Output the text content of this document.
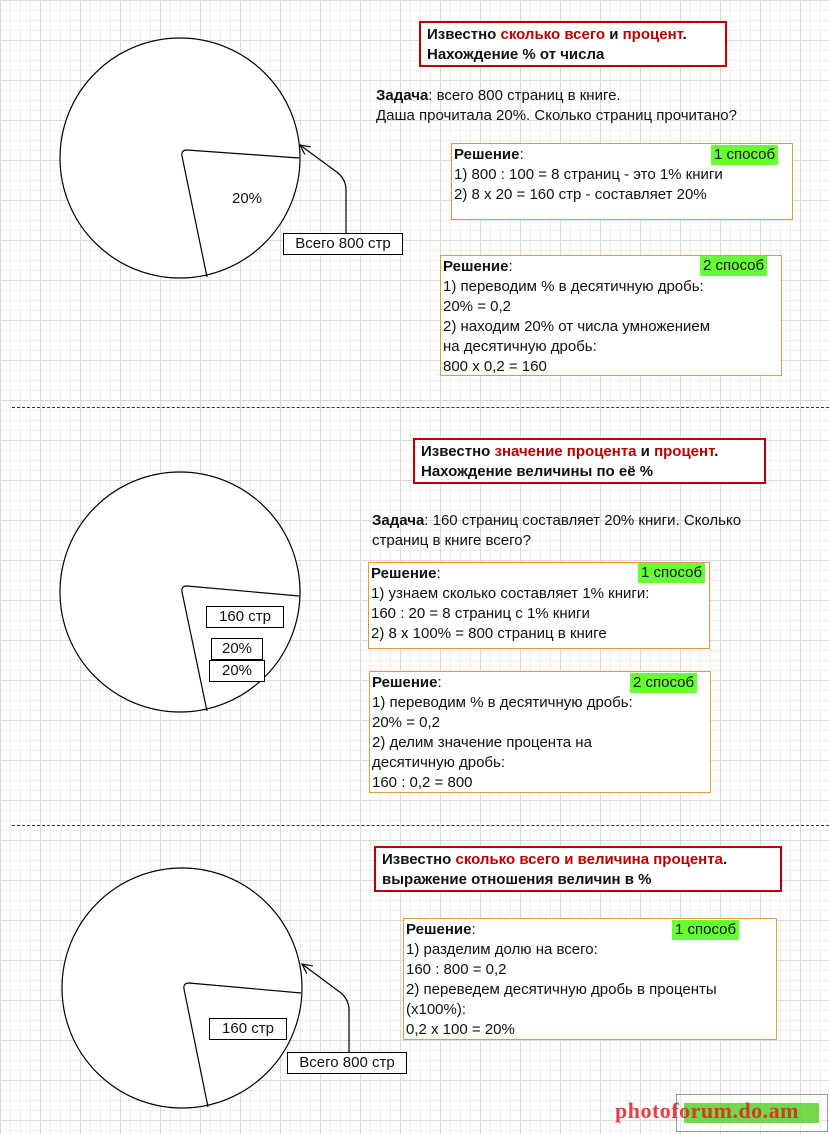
Известно сколько всего и процент.
Нахождение % от числа
Задача: всего 800 страниц в книге.
Даша прочитала 20%. Сколько страниц прочитано?
20%
Всего 800 стр
Решение:
1) 800 : 100 = 8 страниц - это 1% книги
2) 8 х 20 = 160 стр - составляет 20%
1 способ
Решение:
1) переводим % в десятичную дробь:
20% = 0,2
2) находим 20% от числа умножением
на десятичную дробь:
800 х 0,2 = 160
2 способ
Известно значение процента и процент.
Нахождение величины по её %
Задача: 160 страниц составляет 20% книги. Сколько
страниц в книге всего?
160 стр
20%
20%
Решение:
1) узнаем сколько составляет 1% книги:
160 : 20 = 8 страниц с 1% книги
2) 8 х 100% = 800 страниц в книге
1 способ
Решение:
1) переводим % в десятичную дробь:
20% = 0,2
2) делим значение процента на
десятичную дробь:
160 : 0,2 = 800
2 способ
Известно сколько всего и величина процента.
выражение отношения величин в %
160 стр
Всего 800 стр
Решение:
1) разделим долю на всего:
160 : 800 = 0,2
2) переведем десятичную дробь в проценты
(х100%):
0,2 х 100 = 20%
1 способ
photoforum.do.am
